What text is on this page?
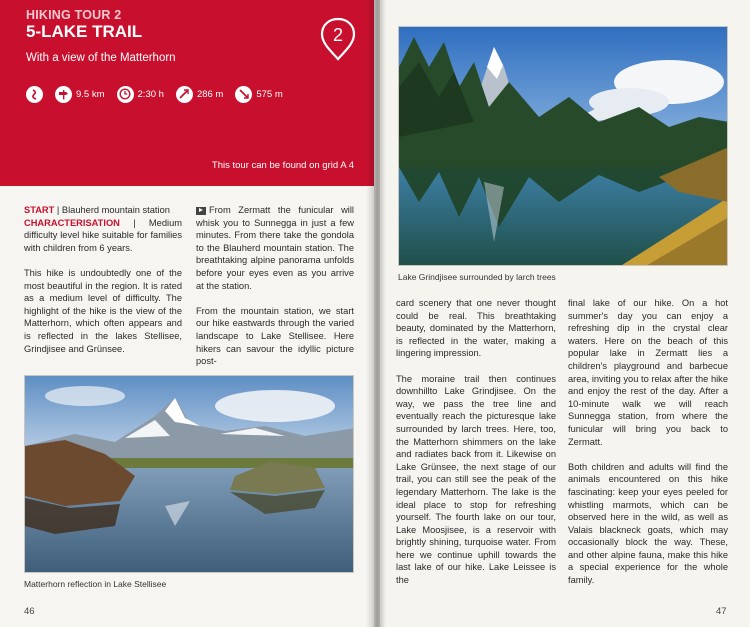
HIKING TOUR 2
5-LAKE TRAIL
With a view of the Matterhorn
2
9.5 km	2:30 h	286 m	575 m
This tour can be found on grid A 4
START | Blauherd mountain station
CHARACTERISATION | Medium difficulty level hike suitable for families with children from 6 years.
This hike is undoubtedly one of the most beautiful in the region. It is rated as a medium level of difficulty. The highlight of the hike is the view of the Matterhorn, which often appears and is reflected in the lakes Stellisee, Grindjisee and Grünsee.
From Zermatt the funicular will whisk you to Sunnegga in just a few minutes. From there take the gondola to the Blauherd mountain station. The breathtaking alpine panorama unfolds before your eyes even as you arrive at the station.
From the mountain station, we start our hike eastwards through the varied landscape to Lake Stellisee. Here hikers can savour the idyllic picture post-
Matterhorn reflection in Lake Stellisee
46
Lake Grindjisee surrounded by larch trees
card scenery that one never thought could be real. This breathtaking beauty, dominated by the Matterhorn, is reflected in the water, making a lingering impression.
The moraine trail then continues downhillto Lake Grindjisee. On the way, we pass the tree line and eventually reach the picturesque lake surrounded by larch trees. Here, too, the Matterhorn shimmers on the lake and radiates back from it. Likewise on Lake Grünsee, the next stage of our trail, you can still see the peak of the legendary Matterhorn. The lake is the ideal place to stop for refreshing yourself. The fourth lake on our tour, Lake Moosjisee, is a reservoir with brightly shining, turquoise water. From here we continue uphill towards the last lake of our hike. Lake Leissee is the
final lake of our hike. On a hot summer's day you can enjoy a refreshing dip in the crystal clear waters. Here on the beach of this popular lake in Zermatt lies a children's playground and barbecue area, inviting you to relax after the hike and enjoy the rest of the day. After a 10-minute walk we will reach Sunnegga station, from where the funicular will bring you back to Zermatt.
Both children and adults will find the animals encountered on this hike fascinating: keep your eyes peeled for whistling marmots, which can be observed here in the wild, as well as Valais blackneck goats, which may occasionally block the way. These, and other alpine fauna, make this hike a special experience for the whole family.
47
